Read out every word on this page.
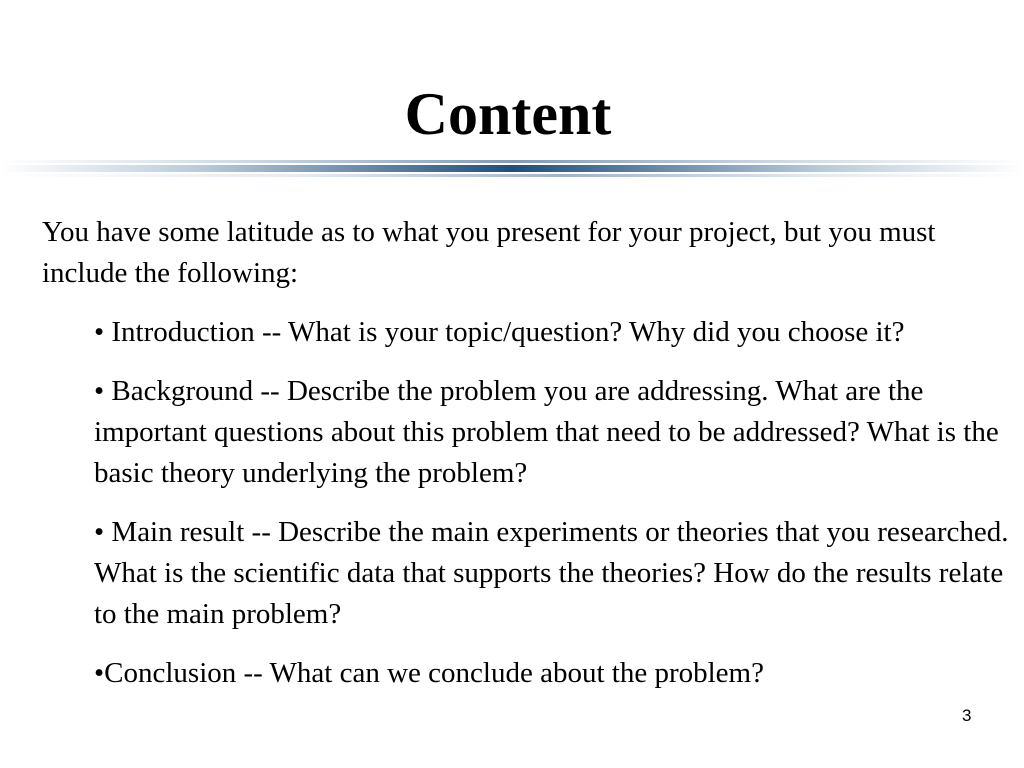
Content

You have some latitude as to what you present for your project, but you must include the following:

• Introduction -- What is your topic/question? Why did you choose it?
• Background -- Describe the problem you are addressing. What are the important questions about this problem that need to be addressed? What is the basic theory underlying the problem?
• Main result -- Describe the main experiments or theories that you researched. What is the scientific data that supports the theories? How do the results relate to the main problem?
•Conclusion -- What can we conclude about the problem?
3
